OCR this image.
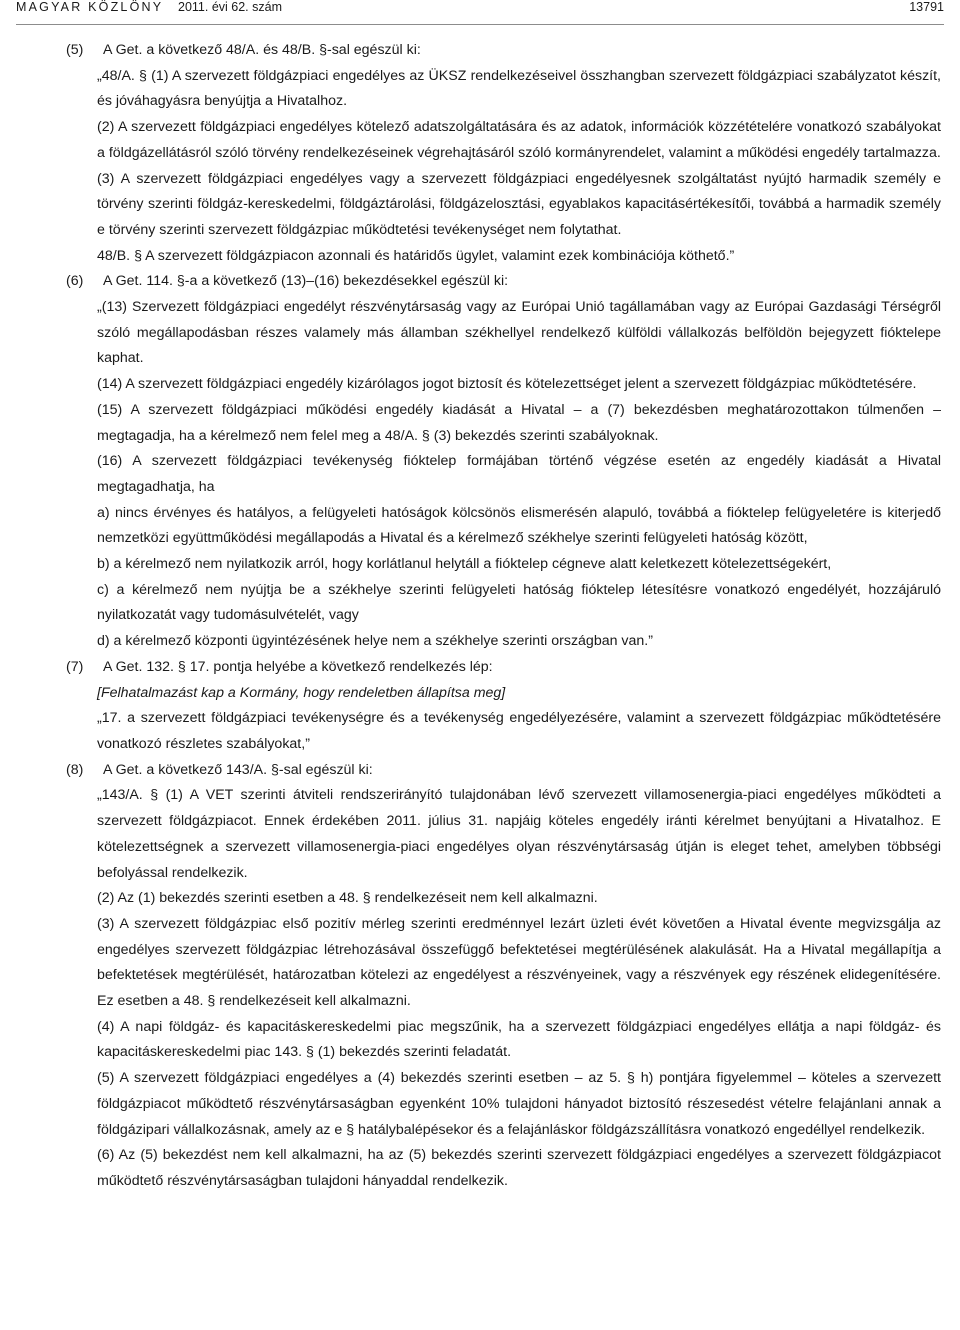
MAGYAR KÖZLÖNY 2011. évi 62. szám	13791
(5) A Get. a következő 48/A. és 48/B. §-sal egészül ki:
„48/A. § (1) A szervezett földgázpiaci engedélyes az ÜKSZ rendelkezéseivel összhangban szervezett földgázpiaci szabályzatot készít, és jóváhagyásra benyújtja a Hivatalhoz.
(2) A szervezett földgázpiaci engedélyes kötelező adatszolgáltatására és az adatok, információk közzétételére vonatkozó szabályokat a földgázellátásról szóló törvény rendelkezéseinek végrehajtásáról szóló kormányrendelet, valamint a működési engedély tartalmazza.
(3) A szervezett földgázpiaci engedélyes vagy a szervezett földgázpiaci engedélyesnek szolgáltatást nyújtó harmadik személy e törvény szerinti földgáz-kereskedelmi, földgáztárolási, földgázelosztási, egyablakos kapacitásértékesítői, továbbá a harmadik személy e törvény szerinti szervezett földgázpiac működtetési tevékenységet nem folytathat.
48/B. § A szervezett földgázpiacon azonnali és határidős ügylet, valamint ezek kombinációja köthető.”
(6) A Get. 114. §-a a következő (13)–(16) bekezdésekkel egészül ki:
„(13) Szervezett földgázpiaci engedélyt részvénytársaság vagy az Európai Unió tagállamában vagy az Európai Gazdasági Térségről szóló megállapodásban részes valamely más államban székhellyel rendelkező külföldi vállalkozás belföldön bejegyzett fióktelepe kaphat.
(14) A szervezett földgázpiaci engedély kizárólagos jogot biztosít és kötelezettséget jelent a szervezett földgázpiac működtetésére.
(15) A szervezett földgázpiaci működési engedély kiadását a Hivatal – a (7) bekezdésben meghatározottakon túlmenően – megtagadja, ha a kérelmező nem felel meg a 48/A. § (3) bekezdés szerinti szabályoknak.
(16) A szervezett földgázpiaci tevékenység fióktelep formájában történő végzése esetén az engedély kiadását a Hivatal megtagadhatja, ha
a) nincs érvényes és hatályos, a felügyeleti hatóságok kölcsönös elismerésén alapuló, továbbá a fióktelep felügyeletére is kiterjedő nemzetközi együttműködési megállapodás a Hivatal és a kérelmező székhelye szerinti felügyeleti hatóság között,
b) a kérelmező nem nyilatkozik arról, hogy korlátlanul helytáll a fióktelep cégneve alatt keletkezett kötelezettségekért,
c) a kérelmező nem nyújtja be a székhelye szerinti felügyeleti hatóság fióktelep létesítésre vonatkozó engedélyét, hozzájáruló nyilatkozatát vagy tudomásulvételét, vagy
d) a kérelmező központi ügyintézésének helye nem a székhelye szerinti országban van.”
(7) A Get. 132. § 17. pontja helyébe a következő rendelkezés lép:
[Felhatalmazást kap a Kormány, hogy rendeletben állapítsa meg]
„17. a szervezett földgázpiaci tevékenységre és a tevékenység engedélyezésére, valamint a szervezett földgázpiac működtetésére vonatkozó részletes szabályokat,”
(8) A Get. a következő 143/A. §-sal egészül ki:
„143/A. § (1) A VET szerinti átviteli rendszerirányító tulajdonában lévő szervezett villamosenergia-piaci engedélyes működteti a szervezett földgázpiacot. Ennek érdekében 2011. július 31. napjáig köteles engedély iránti kérelmet benyújtani a Hivatalhoz. E kötelezettségnek a szervezett villamosenergia-piaci engedélyes olyan részvénytársaság útján is eleget tehet, amelyben többségi befolyással rendelkezik.
(2) Az (1) bekezdés szerinti esetben a 48. § rendelkezéseit nem kell alkalmazni.
(3) A szervezett földgázpiac első pozitív mérleg szerinti eredménnyel lezárt üzleti évét követően a Hivatal évente megvizsgálja az engedélyes szervezett földgázpiac létrehozásával összefüggő befektetései megtérülésének alakulását. Ha a Hivatal megállapítja a befektetések megtérülését, határozatban kötelezi az engedélyest a részvényeinek, vagy a részvények egy részének elidegenítésére. Ez esetben a 48. § rendelkezéseit kell alkalmazni.
(4) A napi földgáz- és kapacitáskereskedelmi piac megszűnik, ha a szervezett földgázpiaci engedélyes ellátja a napi földgáz- és kapacitáskereskedelmi piac 143. § (1) bekezdés szerinti feladatát.
(5) A szervezett földgázpiaci engedélyes a (4) bekezdés szerinti esetben – az 5. § h) pontjára figyelemmel – köteles a szervezett földgázpiacot működtető részvénytársaságban egyenként 10% tulajdoni hányadot biztosító részesedést vételre felajánlani annak a földgázipari vállalkozásnak, amely az e § hatálybalépésekor és a felajánláskor földgázszállításra vonatkozó engedéllyel rendelkezik.
(6) Az (5) bekezdést nem kell alkalmazni, ha az (5) bekezdés szerinti szervezett földgázpiaci engedélyes a szervezett földgázpiacot működtető részvénytársaságban tulajdoni hányaddal rendelkezik.
